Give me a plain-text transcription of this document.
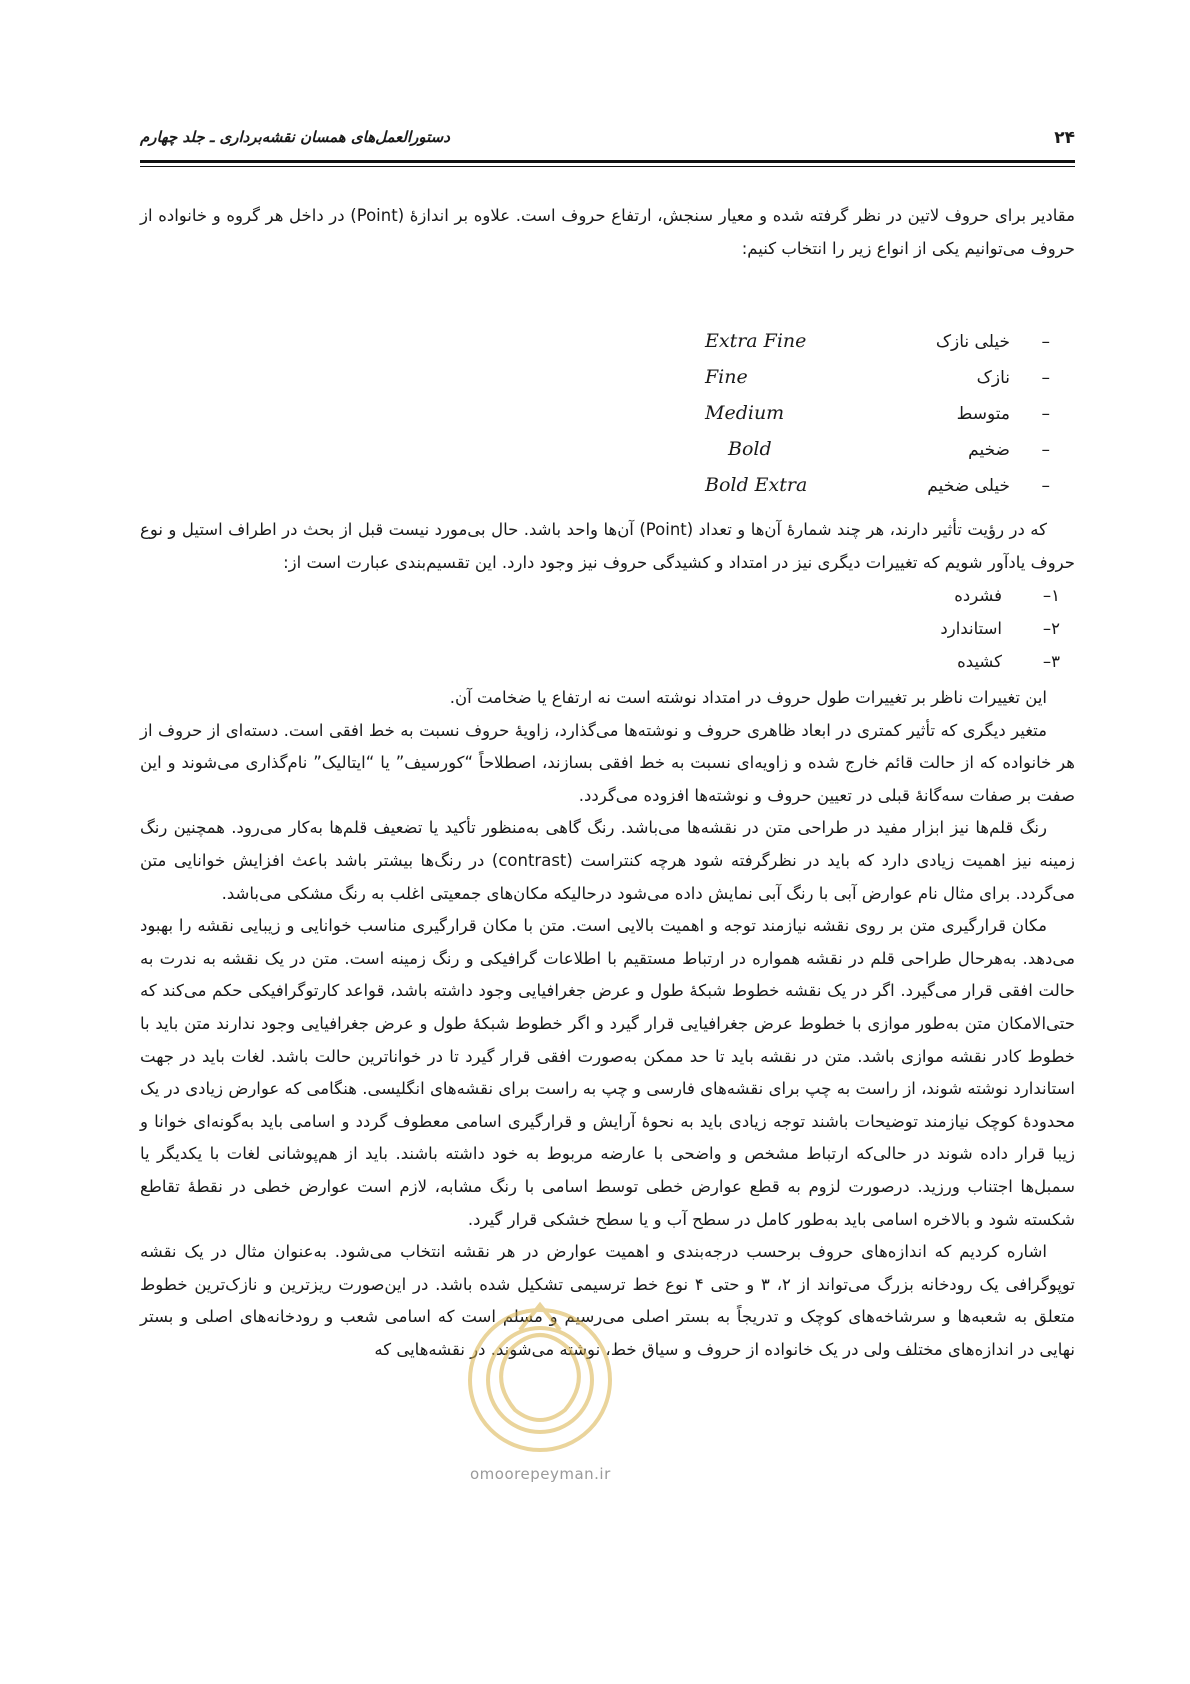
دستورالعمل‌های همسان نقشه‌برداری ـ جلد چهارم	۲۴

مقادیر برای حروف لاتین در نظر گرفته شده و معیار سنجش، ارتفاع حروف است. علاوه بر اندازهٔ (Point) در داخل هر گروه و خانواده از حروف می‌توانیم یکی از انواع زیر را انتخاب کنیم:

–
خیلی نازک
Extra Fine
–
نازک
Fine
–
متوسط
Medium
–
ضخیم
Bold
–
خیلی ضخیم
Bold Extra

که در رؤیت تأثیر دارند، هر چند شمارهٔ آن‌ها و تعداد (Point) آن‌ها واحد باشد. حال بی‌مورد نیست قبل از بحث در اطراف استیل و نوع حروف یادآور شویم که تغییرات دیگری نیز در امتداد و کشیدگی حروف نیز وجود دارد. این تقسیم‌بندی عبارت است از:

۱–فشرده
۲–استاندارد
۳–کشیده

این تغییرات ناظر بر تغییرات طول حروف در امتداد نوشته است نه ارتفاع یا ضخامت آن.

متغیر دیگری که تأثیر کمتری در ابعاد ظاهری حروف و نوشته‌ها می‌گذارد، زاویهٔ حروف نسبت به خط افقی است. دسته‌ای از حروف از هر خانواده که از حالت قائم خارج شده و زاویه‌ای نسبت به خط افقی بسازند، اصطلاحاً “کورسیف” یا “ایتالیک” نام‌گذاری می‌شوند و این صفت بر صفات سه‌گانهٔ قبلی در تعیین حروف و نوشته‌ها افزوده می‌گردد.

رنگ قلم‌ها نیز ابزار مفید در طراحی متن در نقشه‌ها می‌باشد. رنگ گاهی به‌منظور تأکید یا تضعیف قلم‌ها به‌کار می‌رود. همچنین رنگ زمینه نیز اهمیت زیادی دارد که باید در نظرگرفته شود هرچه کنتراست (contrast) در رنگ‌ها بیشتر باشد باعث افزایش خوانایی متن می‌گردد. برای مثال نام عوارض آبی با رنگ آبی نمایش داده می‌شود درحالیکه مکان‌های جمعیتی اغلب به رنگ مشکی می‌باشد.

مکان قرارگیری متن بر روی نقشه نیازمند توجه و اهمیت بالایی است. متن با مکان قرارگیری مناسب خوانایی و زیبایی نقشه را بهبود می‌دهد. به‌هرحال طراحی قلم در نقشه همواره در ارتباط مستقیم با اطلاعات گرافیکی و رنگ زمینه است. متن در یک نقشه به ندرت به حالت افقی قرار می‌گیرد. اگر در یک نقشه خطوط شبکهٔ طول و عرض جغرافیایی وجود داشته باشد، قواعد کارتوگرافیکی حکم می‌کند که حتی‌الامکان متن به‌طور موازی با خطوط عرض جغرافیایی قرار گیرد و اگر خطوط شبکهٔ طول و عرض جغرافیایی وجود ندارند متن باید با خطوط کادر نقشه موازی باشد. متن در نقشه باید تا حد ممکن به‌صورت افقی قرار گیرد تا در خواناترین حالت باشد. لغات باید در جهت استاندارد نوشته شوند، از راست به چپ برای نقشه‌های فارسی و چپ به راست برای نقشه‌های انگلیسی. هنگامی که عوارض زیادی در یک محدودهٔ کوچک نیازمند توضیحات باشند توجه زیادی باید به نحوهٔ آرایش و قرارگیری اسامی معطوف گردد و اسامی باید به‌گونه‌ای خوانا و زیبا قرار داده شوند در حالی‌که ارتباط مشخص و واضحی با عارضه مربوط به خود داشته باشند. باید از هم‌پوشانی لغات با یکدیگر یا سمبل‌ها اجتناب ورزید. درصورت لزوم به قطع عوارض خطی توسط اسامی با رنگ مشابه، لازم است عوارض خطی در نقطهٔ تقاطع شکسته شود و بالاخره اسامی باید به‌طور کامل در سطح آب و یا سطح خشکی قرار گیرد.

اشاره کردیم که اندازه‌های حروف برحسب درجه‌بندی و اهمیت عوارض در هر نقشه انتخاب می‌شود. به‌عنوان مثال در یک نقشه توپوگرافی یک رودخانه بزرگ می‌تواند از ۲، ۳ و حتی ۴ نوع خط ترسیمی تشکیل شده باشد. در این‌صورت ریزترین و نازک‌ترین خطوط متعلق به شعبه‌ها و سرشاخه‌های کوچک و تدریجاً به بستر اصلی می‌رسیم و مسلم است که اسامی شعب و رودخانه‌های اصلی و بستر نهایی در اندازه‌های مختلف ولی در یک خانواده از حروف و سیاق خط، نوشته می‌شوند. در نقشه‌هایی که

omoorepeyman.ir
